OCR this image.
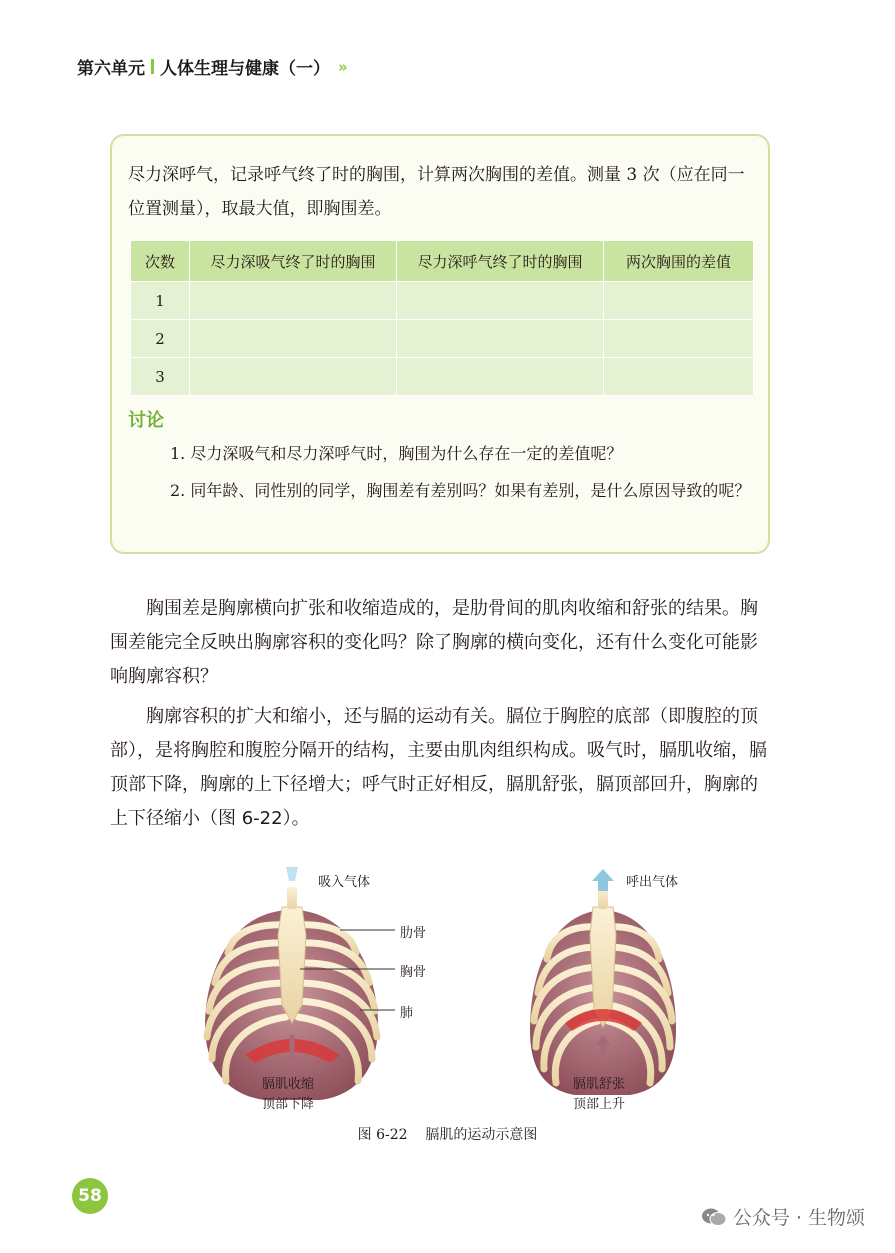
第六单元 人体生理与健康（一） »
尽力深呼气，记录呼气终了时的胸围，计算两次胸围的差值。测量 3 次（应在同一位置测量），取最大值，即胸围差。
次数	尽力深吸气终了时的胸围	尽力深呼气终了时的胸围	两次胸围的差值
1			
2			
3			
讨论
1. 尽力深吸气和尽力深呼气时，胸围为什么存在一定的差值呢？
2. 同年龄、同性别的同学，胸围差有差别吗？如果有差别，是什么原因导致的呢？
胸围差是胸廓横向扩张和收缩造成的，是肋骨间的肌肉收缩和舒张的结果。胸围差能完全反映出胸廓容积的变化吗？除了胸廓的横向变化，还有什么变化可能影响胸廓容积？
胸廓容积的扩大和缩小，还与膈的运动有关。膈位于胸腔的底部（即腹腔的顶部），是将胸腔和腹腔分隔开的结构，主要由肌肉组织构成。吸气时，膈肌收缩，膈顶部下降，胸廓的上下径增大；呼气时正好相反，膈肌舒张，膈顶部回升，胸廓的上下径缩小（图 6-22）。
吸入气体	呼出气体
肋骨
胸骨
肺
膈肌收缩
顶部下降
膈肌舒张
顶部上升
图 6-22    膈肌的运动示意图
58
公众号 · 生物颂
